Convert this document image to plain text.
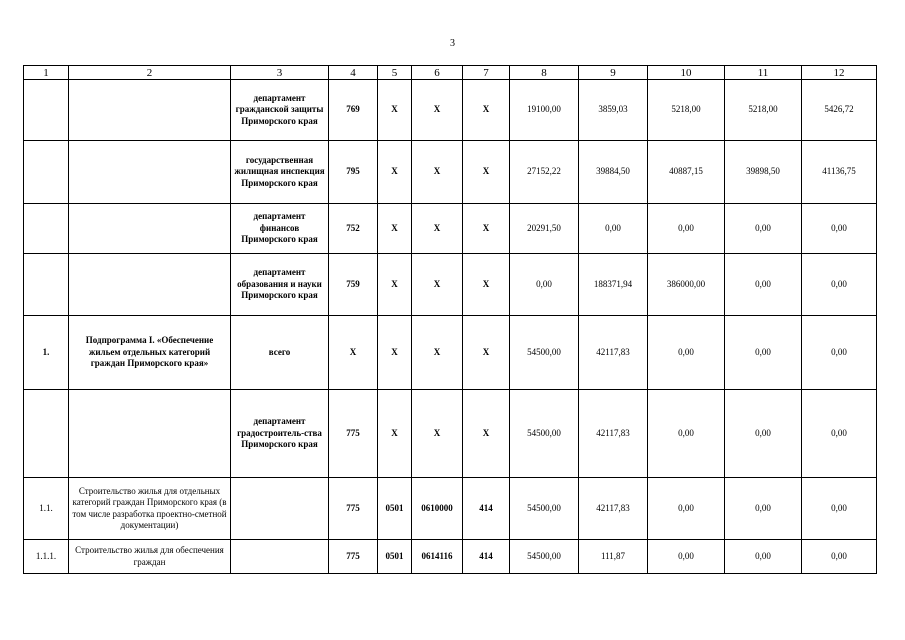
3
1	2	3	4	5	6	7	8	9	10	11	12
		департамент гражданской защиты Приморского края	769	X	X	X	19100,00	3859,03	5218,00	5218,00	5426,72
		государственная жилищная инспекция Приморского края	795	X	X	X	27152,22	39884,50	40887,15	39898,50	41136,75
		департамент финансов Приморского края	752	X	X	X	20291,50	0,00	0,00	0,00	0,00
		департамент образования и науки Приморского края	759	X	X	X	0,00	188371,94	386000,00	0,00	0,00
1.	Подпрограмма I. «Обеспечение жильем отдельных категорий граждан Приморского края»	всего	X	X	X	X	54500,00	42117,83	0,00	0,00	0,00
		департамент градостроитель-ства Приморского края	775	X	X	X	54500,00	42117,83	0,00	0,00	0,00
1.1.	Строительство жилья для отдельных категорий граждан Приморского края (в том числе разработка проектно-сметной документации)		775	0501	0610000	414	54500,00	42117,83	0,00	0,00	0,00
1.1.1.	Строительство жилья для обеспечения граждан		775	0501	0614116	414	54500,00	111,87	0,00	0,00	0,00
